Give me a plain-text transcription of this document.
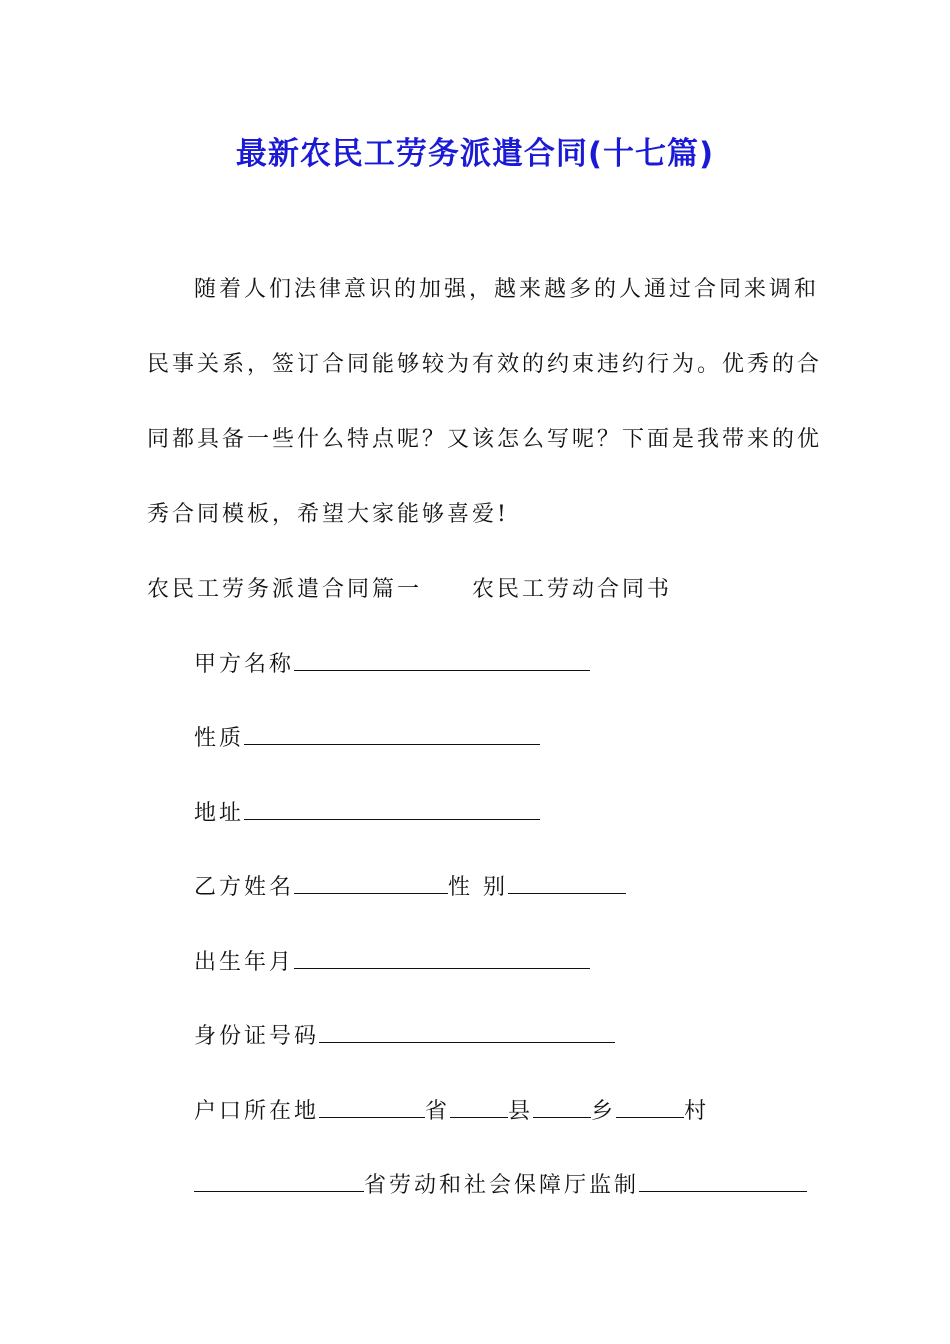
最新农民工劳务派遣合同(十七篇)
随着人们法律意识的加强，越来越多的人通过合同来调和
民事关系，签订合同能够较为有效的约束违约行为。优秀的合
同都具备一些什么特点呢？又该怎么写呢？下面是我带来的优
秀合同模板，希望大家能够喜爱!
农民工劳务派遣合同篇一 农民工劳动合同书
甲方名称
性质
地址
乙方姓名	性 别
出生年月
身份证号码
户口所在地	省	县	乡	村
省劳动和社会保障厅监制
